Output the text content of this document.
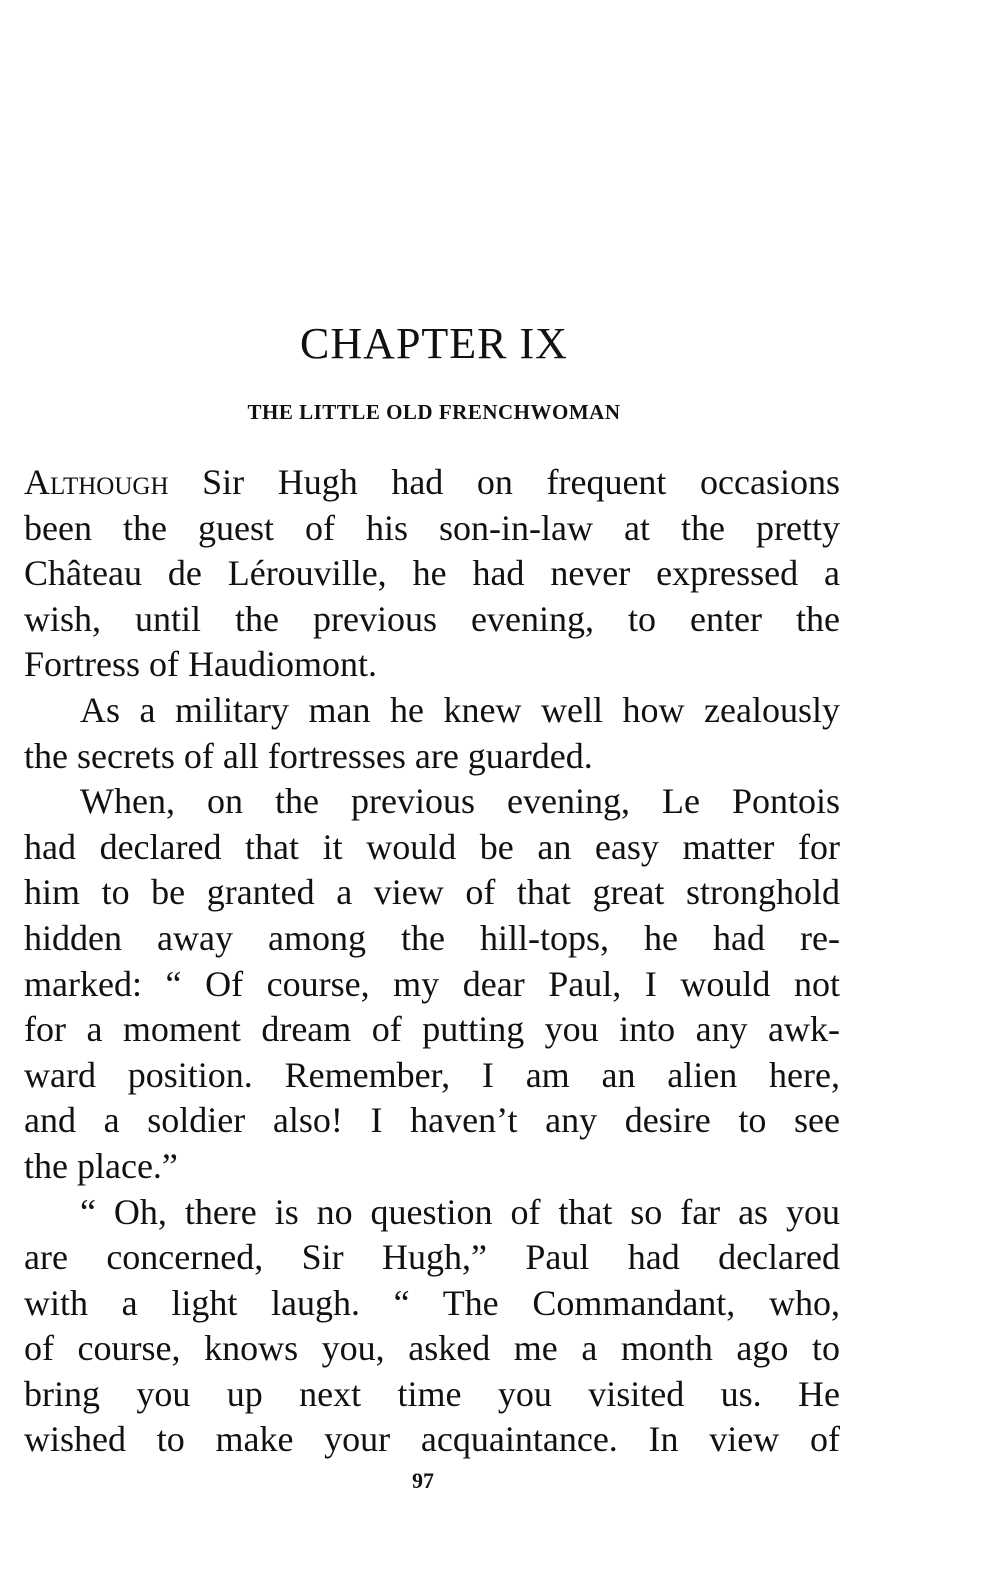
CHAPTER IX
THE LITTLE OLD FRENCHWOMAN
Although Sir Hugh had on frequent occasions
been the guest of his son-in-law at the pretty
Château de Lérouville, he had never expressed a
wish, until the previous evening, to enter the
Fortress of Haudiomont.
As a military man he knew well how zealously
the secrets of all fortresses are guarded.
When, on the previous evening, Le Pontois
had declared that it would be an easy matter for
him to be granted a view of that great stronghold
hidden away among the hill-tops, he had re-
marked: “ Of course, my dear Paul, I would not
for a moment dream of putting you into any awk-
ward position. Remember, I am an alien here,
and a soldier also! I haven’t any desire to see
the place.”
“ Oh, there is no question of that so far as you
are concerned, Sir Hugh,” Paul had declared
with a light laugh. “ The Commandant, who,
of course, knows you, asked me a month ago to
bring you up next time you visited us. He
wished to make your acquaintance. In view of
97
